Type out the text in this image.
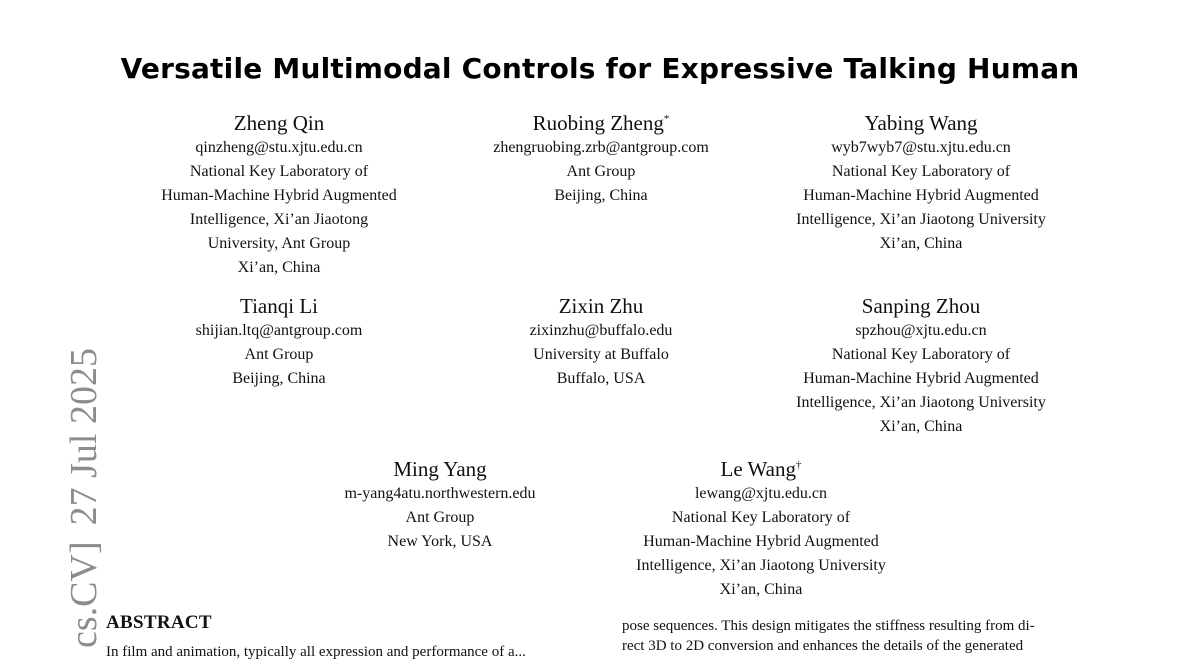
Versatile Multimodal Controls for Expressive Talking Human
Zheng Qin
qinzheng@stu.xjtu.edu.cn
National Key Laboratory of
Human-Machine Hybrid Augmented
Intelligence, Xi’an Jiaotong
University, Ant Group
Xi’an, China
Ruobing Zheng*
zhengruobing.zrb@antgroup.com
Ant Group
Beijing, China
Yabing Wang
wyb7wyb7@stu.xjtu.edu.cn
National Key Laboratory of
Human-Machine Hybrid Augmented
Intelligence, Xi’an Jiaotong University
Xi’an, China
Tianqi Li
shijian.ltq@antgroup.com
Ant Group
Beijing, China
Zixin Zhu
zixinzhu@buffalo.edu
University at Buffalo
Buffalo, USA
Sanping Zhou
spzhou@xjtu.edu.cn
National Key Laboratory of
Human-Machine Hybrid Augmented
Intelligence, Xi’an Jiaotong University
Xi’an, China
Ming Yang
m-yang4atu.northwestern.edu
Ant Group
New York, USA
Le Wang†
lewang@xjtu.edu.cn
National Key Laboratory of
Human-Machine Hybrid Augmented
Intelligence, Xi’an Jiaotong University
Xi’an, China
cs.CV]27 Jul 2025
ABSTRACT
In film and animation, typically all expression and performance of a...
pose sequences. This design mitigates the stiffness resulting from di-
rect 3D to 2D conversion and enhances the details of the generated
